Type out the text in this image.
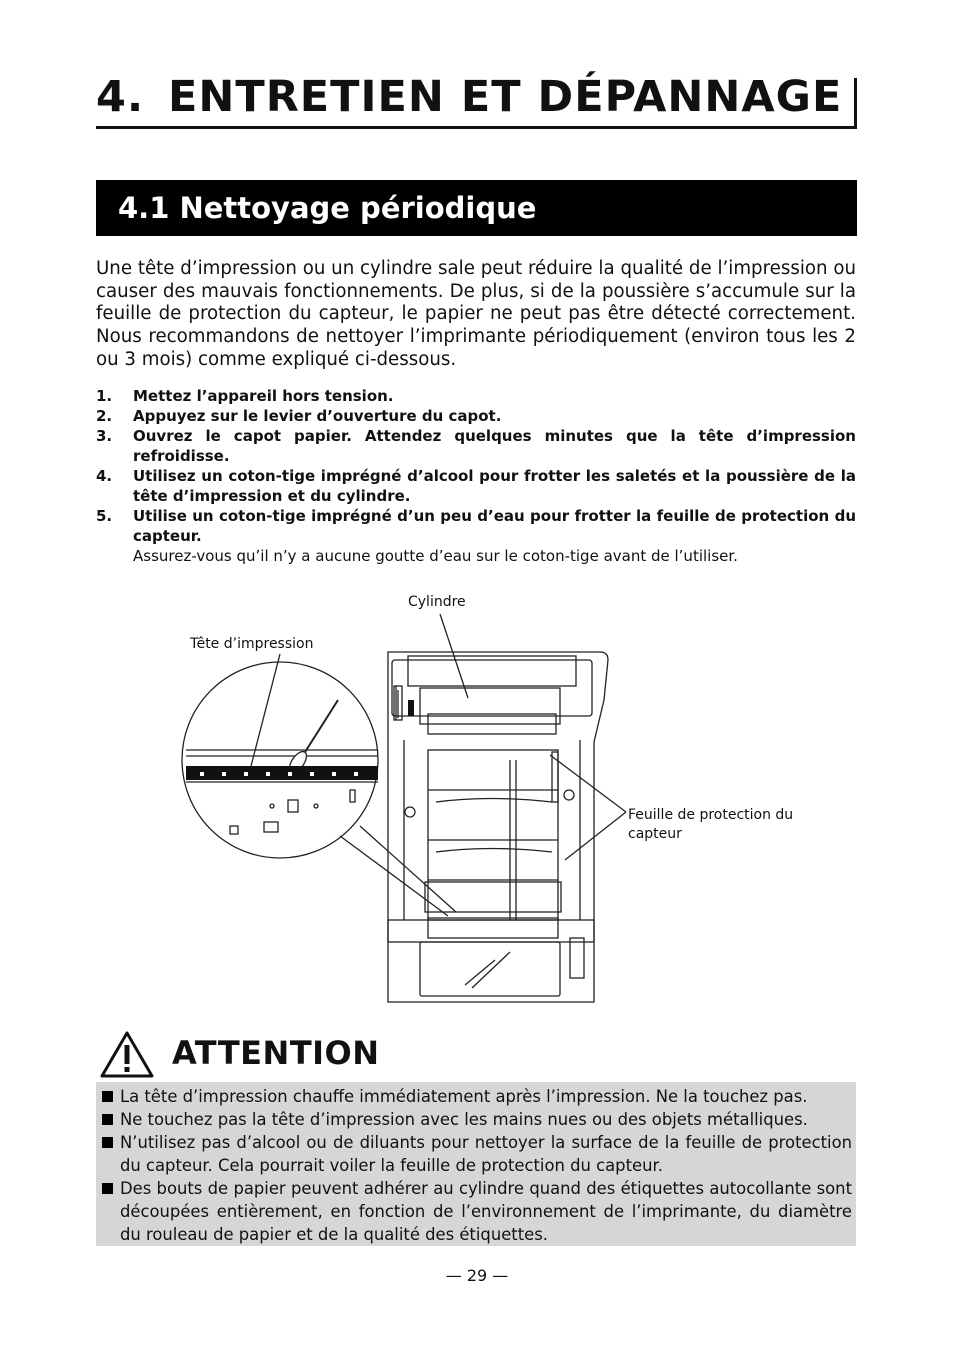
4. ENTRETIEN ET DÉPANNAGE
4.1 Nettoyage périodique

Une tête d’impression ou un cylindre sale peut réduire la qualité de l’impression ou causer des mauvais fonctionnements. De plus, si de la poussière s’accumule sur la feuille de protection du capteur, le papier ne peut pas être détecté correctement. Nous recommandons de nettoyer l’imprimante périodiquement (environ tous les 2 ou 3 mois) comme expliqué ci-dessous.

1. Mettez l’appareil hors tension.
2. Appuyez sur le levier d’ouverture du capot.
3. Ouvrez le capot papier. Attendez quelques minutes que la tête d’impression refroidisse.
4. Utilisez un coton-tige imprégné d’alcool pour frotter les saletés et la poussière de la tête d’impression et du cylindre.
5. Utilise un coton-tige imprégné d’un peu d’eau pour frotter la feuille de protection du capteur.
Assurez-vous qu’il n’y a aucune goutte d’eau sur le coton-tige avant de l’utiliser.
Cylindre
Tête d’impression
Feuille de protection du capteur
ATTENTION
La tête d’impression chauffe immédiatement après l’impression. Ne la touchez pas.
Ne touchez pas la tête d’impression avec les mains nues ou des objets métalliques.
N’utilisez pas d’alcool ou de diluants pour nettoyer la surface de la feuille de protection du capteur. Cela pourrait voiler la feuille de protection du capteur.
Des bouts de papier peuvent adhérer au cylindre quand des étiquettes autocollante sont découpées entièrement, en fonction de l’environnement de l’imprimante, du diamètre du rouleau de papier et de la qualité des étiquettes.
— 29 —
